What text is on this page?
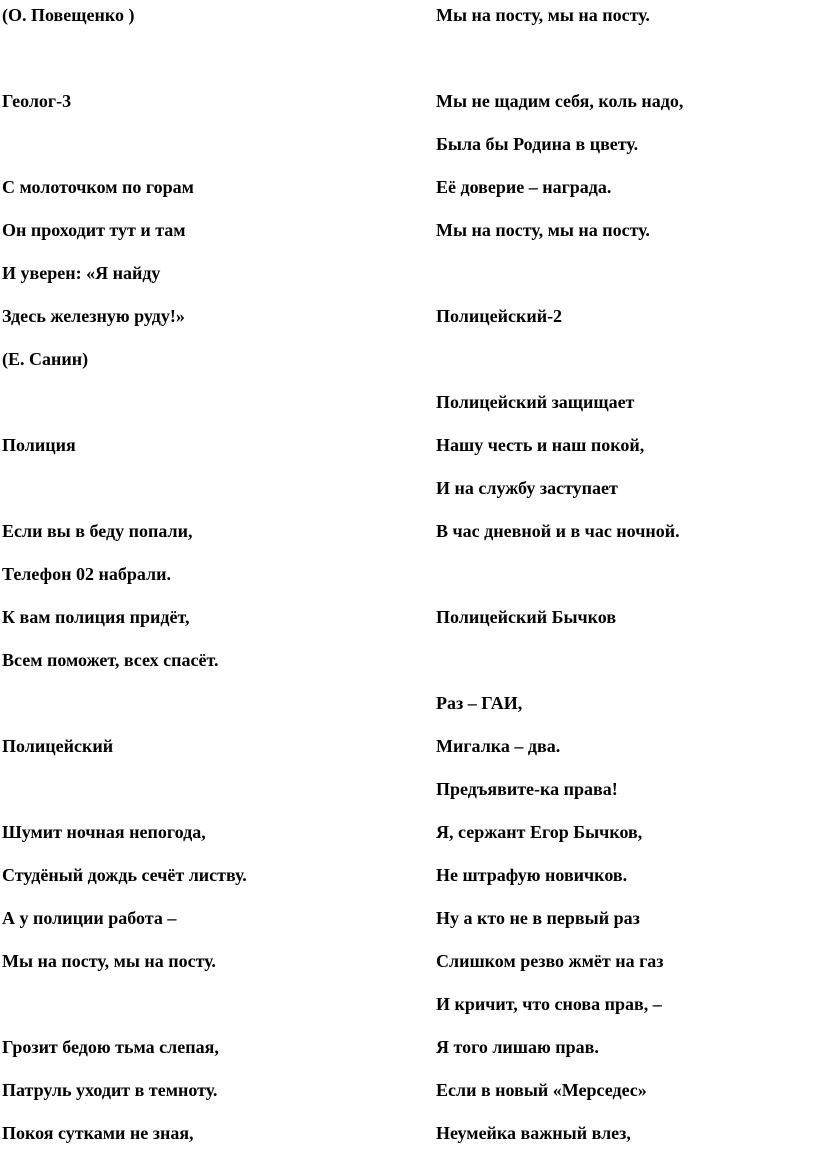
(О. Повещенко )
Геолог-3
С молоточком по горам
Он проходит тут и там
И уверен: «Я найду
Здесь железную руду!»
(Е. Санин)
Полиция
Если вы в беду попали,
Телефон 02 набрали.
К вам полиция придёт,
Всем поможет, всех спасёт.
Полицейский
Шумит ночная непогода,
Студёный дождь сечёт листву.
А у полиции работа –
Мы на посту, мы на посту.
Грозит бедою тьма слепая,
Патруль уходит в темноту.
Покоя сутками не зная,
Мы на посту, мы на посту.
Мы не щадим себя, коль надо,
Была бы Родина в цвету.
Её доверие – награда.
Мы на посту, мы на посту.
Полицейский-2
Полицейский защищает
Нашу честь и наш покой,
И на службу заступает
В час дневной и в час ночной.
Полицейский Бычков
Раз – ГАИ,
Мигалка – два.
Предъявите-ка права!
Я, сержант Егор Бычков,
Не штрафую новичков.
Ну а кто не в первый раз
Слишком резво жмёт на газ
И кричит, что снова прав, –
Я того лишаю прав.
Если в новый «Мерседес»
Неумейка важный влез,
